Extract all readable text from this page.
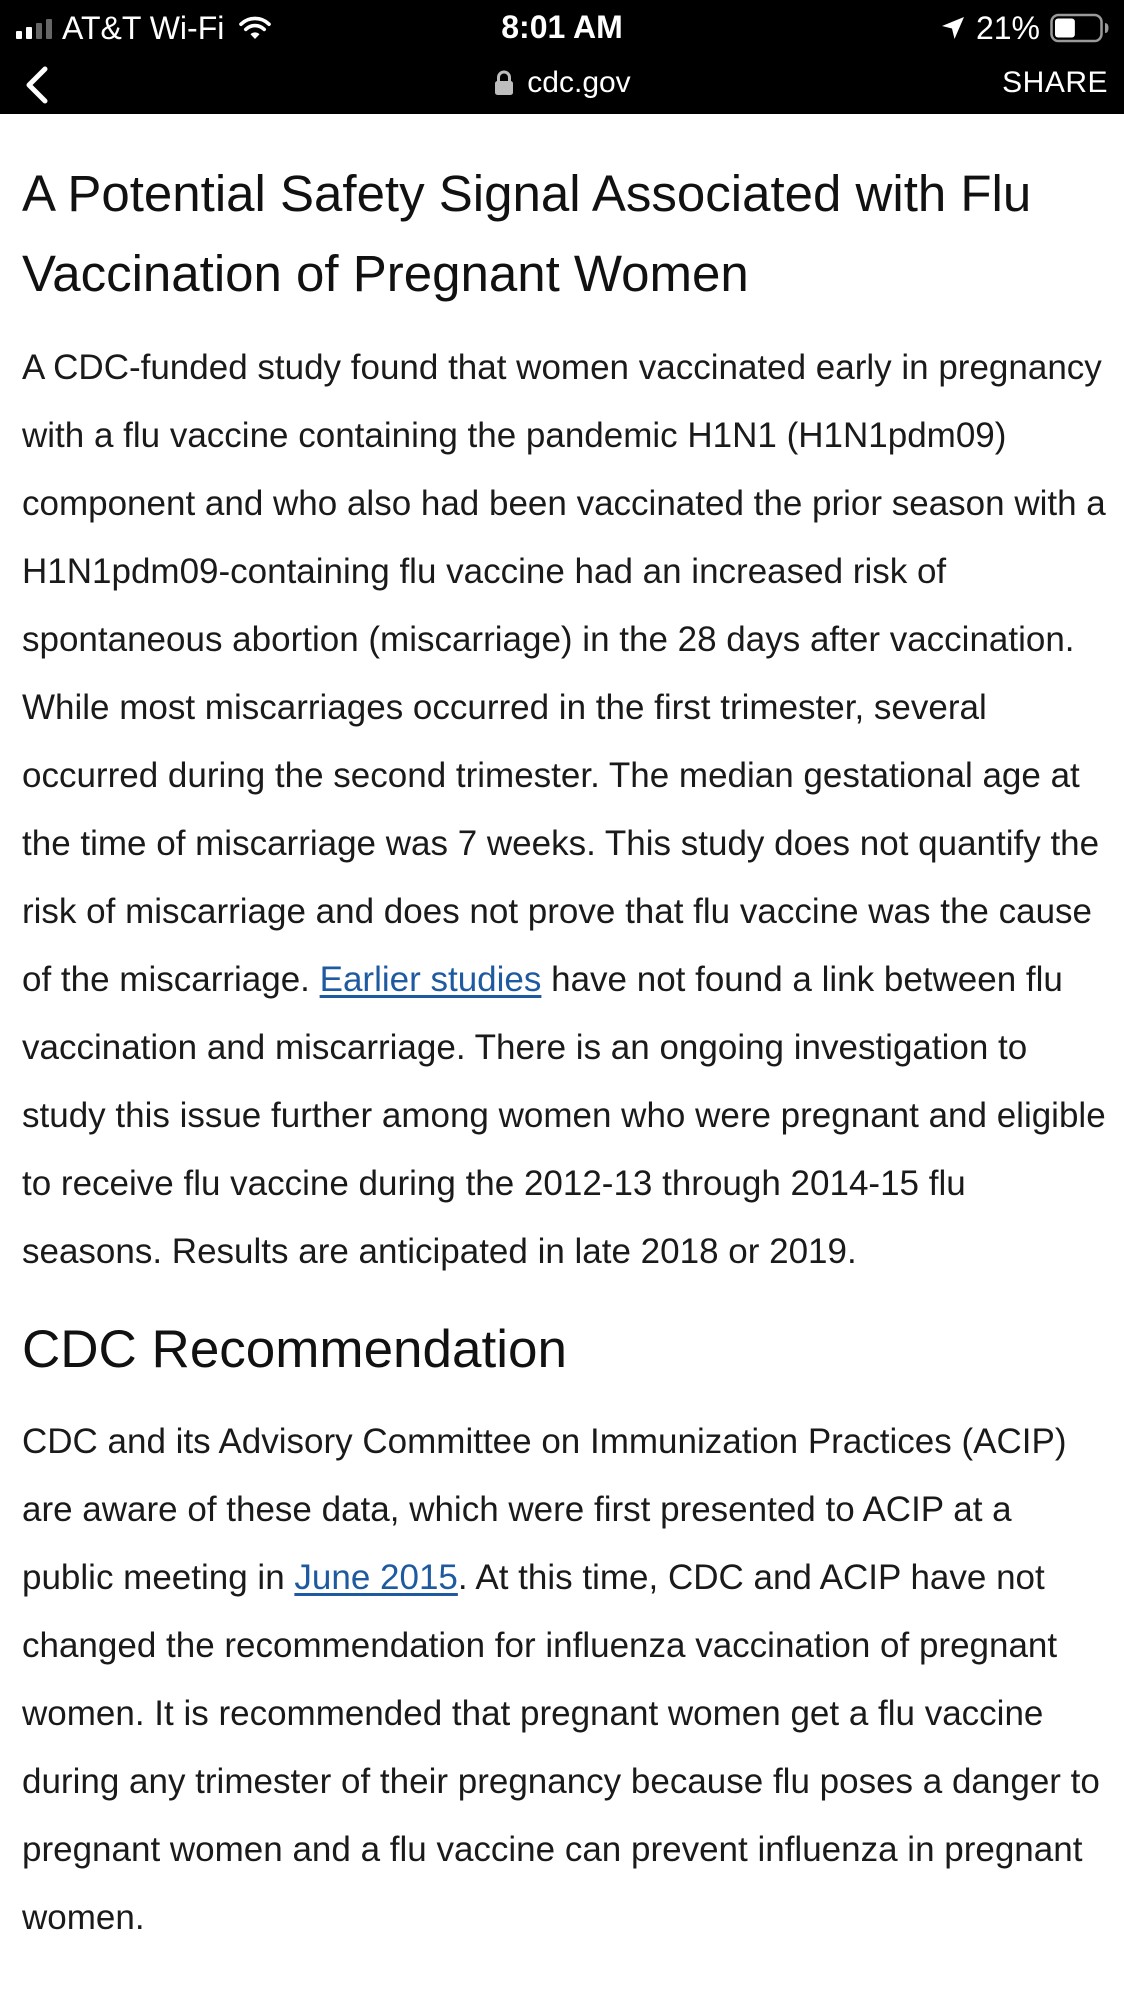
AT&T Wi-Fi	8:01 AM	21%
cdc.gov	SHARE
A Potential Safety Signal Associated with Flu Vaccination of Pregnant Women

A CDC-funded study found that women vaccinated early in pregnancy with a flu vaccine containing the pandemic H1N1 (H1N1pdm09) component and who also had been vaccinated the prior season with a H1N1pdm09-containing flu vaccine had an increased risk of spontaneous abortion (miscarriage) in the 28 days after vaccination. While most miscarriages occurred in the first trimester, several occurred during the second trimester. The median gestational age at the time of miscarriage was 7 weeks. This study does not quantify the risk of miscarriage and does not prove that flu vaccine was the cause of the miscarriage. Earlier studies have not found a link between flu vaccination and miscarriage. There is an ongoing investigation to study this issue further among women who were pregnant and eligible to receive flu vaccine during the 2012-13 through 2014-15 flu seasons. Results are anticipated in late 2018 or 2019.

CDC Recommendation

CDC and its Advisory Committee on Immunization Practices (ACIP) are aware of these data, which were first presented to ACIP at a public meeting in June 2015. At this time, CDC and ACIP have not changed the recommendation for influenza vaccination of pregnant women. It is recommended that pregnant women get a flu vaccine during any trimester of their pregnancy because flu poses a danger to pregnant women and a flu vaccine can prevent influenza in pregnant women.
